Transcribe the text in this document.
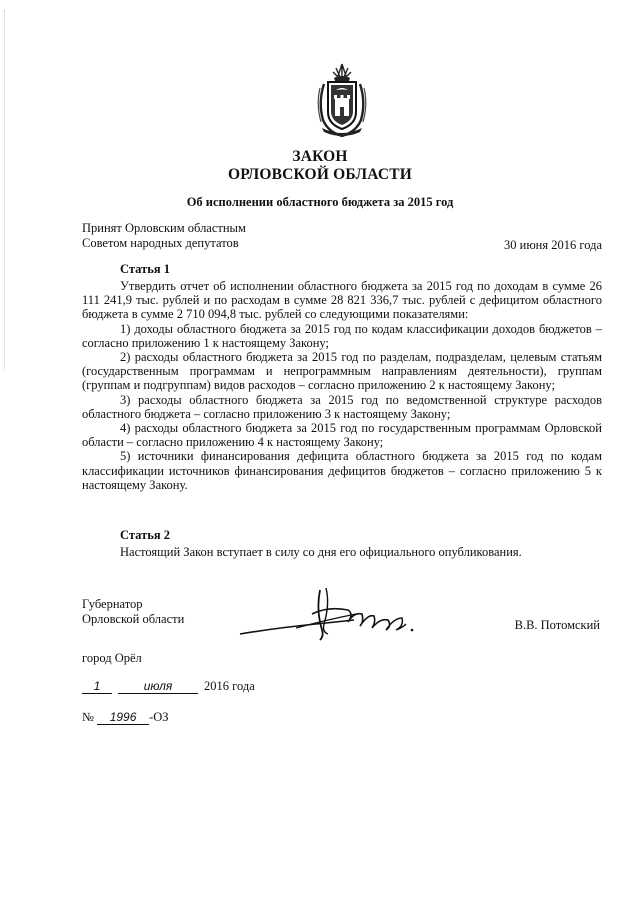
ЗАКОН
ОРЛОВСКОЙ ОБЛАСТИ
Об исполнении областного бюджета за 2015 год
Принят Орловским областным
Советом народных депутатов	30 июня 2016 года
Статья 1

Утвердить отчет об исполнении областного бюджета за 2015 год по доходам в сумме 26 111 241,9 тыс. рублей и по расходам в сумме 28 821 336,7 тыс. рублей с дефицитом областного бюджета в сумме 2 710 094,8 тыс. рублей со следующими показателями:

1) доходы областного бюджета за 2015 год по кодам классификации доходов бюджетов – согласно приложению 1 к настоящему Закону;

2) расходы областного бюджета за 2015 год по разделам, подразделам, целевым статьям (государственным программам и непрограммным направлениям деятельности), группам (группам и подгруппам) видов расходов – согласно приложению 2 к настоящему Закону;

3) расходы областного бюджета за 2015 год по ведомственной структуре расходов областного бюджета – согласно приложению 3 к настоящему Закону;

4) расходы областного бюджета за 2015 год по государственным программам Орловской области – согласно приложению 4 к настоящему Закону;

5) источники финансирования дефицита областного бюджета за 2015 год по кодам классификации источников финансирования дефицитов бюджетов – согласно приложению 5 к настоящему Закону.

Статья 2

Настоящий Закон вступает в силу со дня его официального опубликования.

Губернатор
Орловской области	В.В. Потомский
город Орёл
1	июля	2016 года
№ 1996 -ОЗ
